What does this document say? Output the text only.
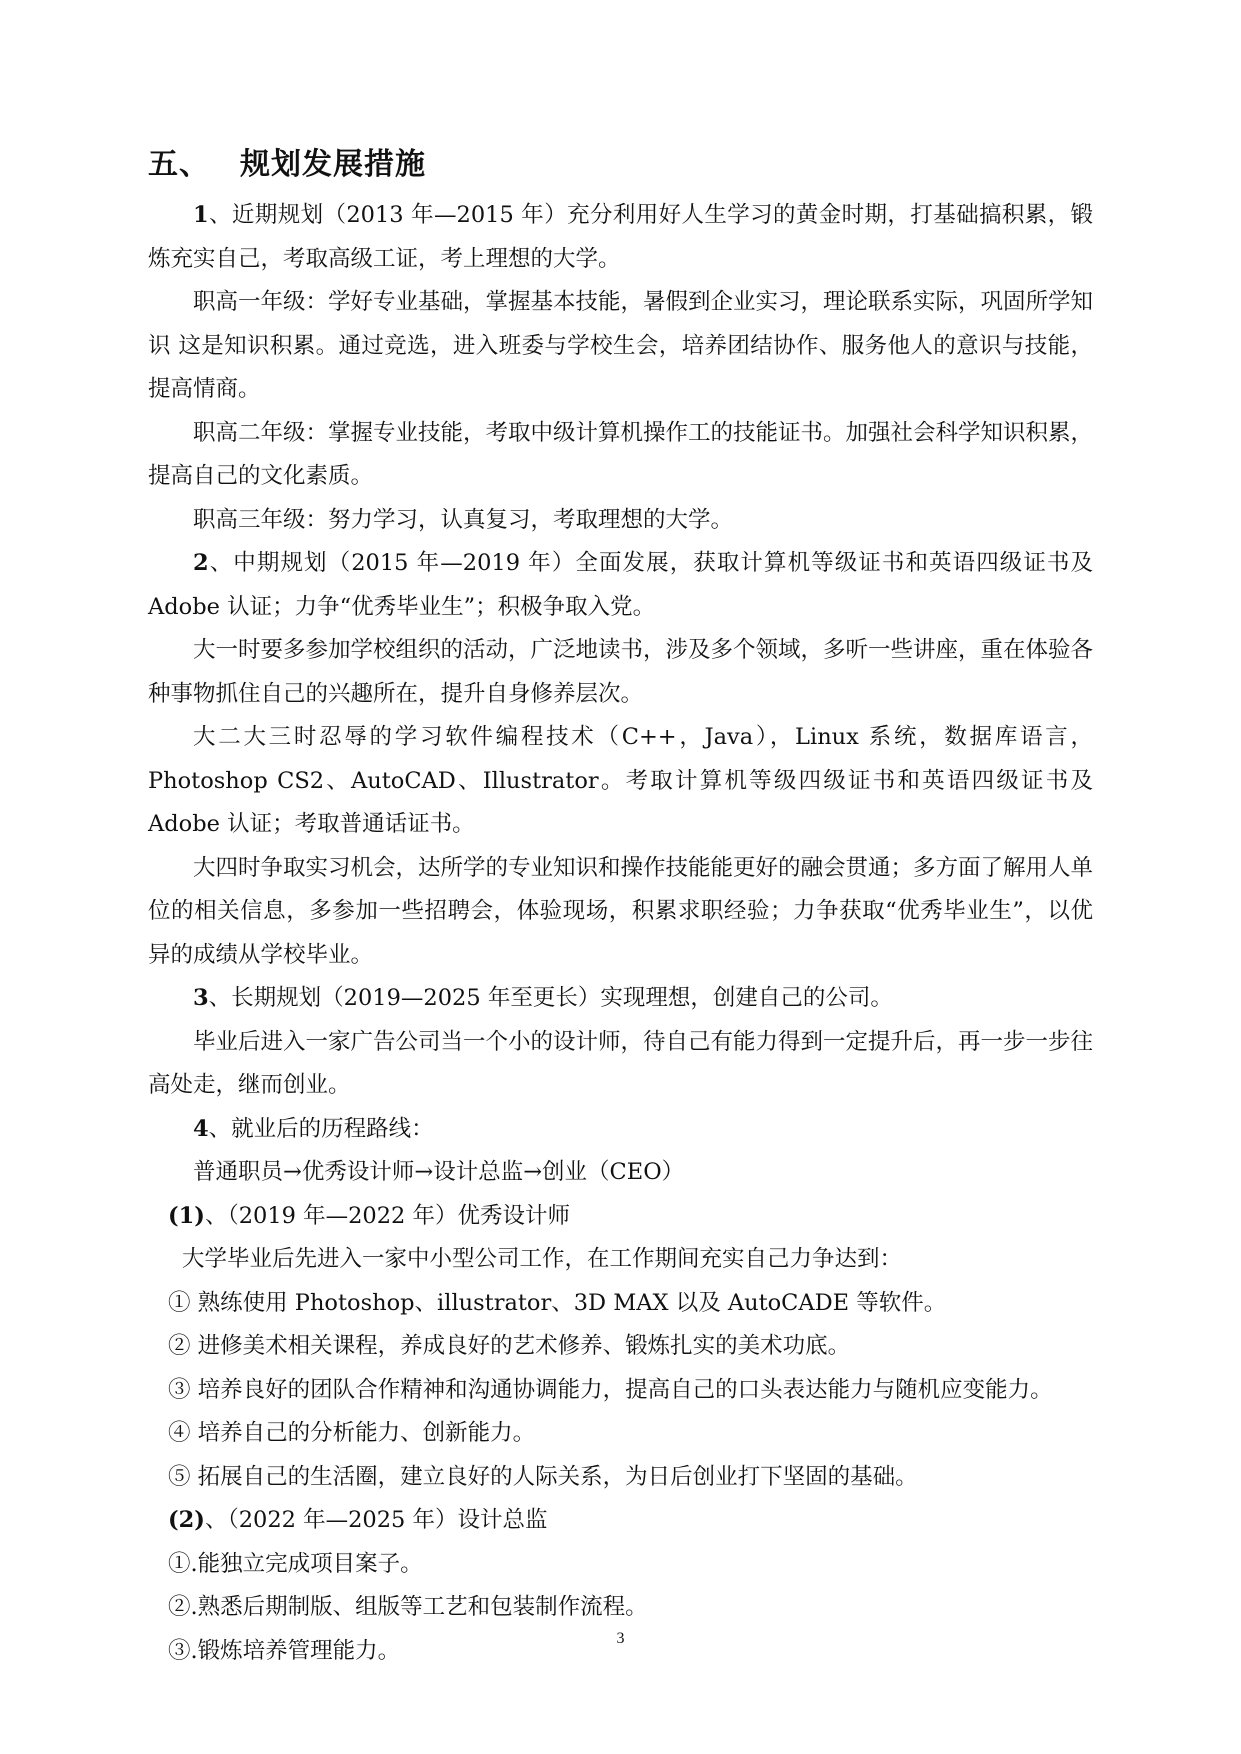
五、 规划发展措施

1、近期规划（2013 年—2015 年）充分利用好人生学习的黄金时期，打基础搞积累，锻炼充实自己，考取高级工证，考上理想的大学。

职高一年级：学好专业基础，掌握基本技能，暑假到企业实习，理论联系实际，巩固所学知识 这是知识积累。通过竞选，进入班委与学校生会，培养团结协作、服务他人的意识与技能，提高情商。

职高二年级：掌握专业技能，考取中级计算机操作工的技能证书。加强社会科学知识积累，提高自己的文化素质。

职高三年级：努力学习，认真复习，考取理想的大学。

2、中期规划（2015 年—2019 年）全面发展，获取计算机等级证书和英语四级证书及 Adobe 认证；力争“优秀毕业生”；积极争取入党。

大一时要多参加学校组织的活动，广泛地读书，涉及多个领域，多听一些讲座，重在体验各种事物抓住自己的兴趣所在，提升自身修养层次。

大二大三时忍辱的学习软件编程技术（C++，Java），Linux 系统，数据库语言，Photoshop CS2、AutoCAD、Illustrator。考取计算机等级四级证书和英语四级证书及 Adobe 认证；考取普通话证书。

大四时争取实习机会，达所学的专业知识和操作技能能更好的融会贯通；多方面了解用人单位的相关信息，多参加一些招聘会，体验现场，积累求职经验；力争获取“优秀毕业生”，以优异的成绩从学校毕业。

3、长期规划（2019—2025 年至更长）实现理想，创建自己的公司。

毕业后进入一家广告公司当一个小的设计师，待自己有能力得到一定提升后，再一步一步往高处走，继而创业。

4、就业后的历程路线：

普通职员→优秀设计师→设计总监→创业（CEO）

(1)、（2019 年—2022 年）优秀设计师

大学毕业后先进入一家中小型公司工作，在工作期间充实自己力争达到：

① 熟练使用 Photoshop、illustrator、3D MAX 以及 AutoCADE 等软件。

② 进修美术相关课程，养成良好的艺术修养、锻炼扎实的美术功底。

③ 培养良好的团队合作精神和沟通协调能力，提高自己的口头表达能力与随机应变能力。

④ 培养自己的分析能力、创新能力。

⑤ 拓展自己的生活圈，建立良好的人际关系，为日后创业打下坚固的基础。

(2)、（2022 年—2025 年）设计总监

①.能独立完成项目案子。

②.熟悉后期制版、组版等工艺和包装制作流程。

③.锻炼培养管理能力。	3
